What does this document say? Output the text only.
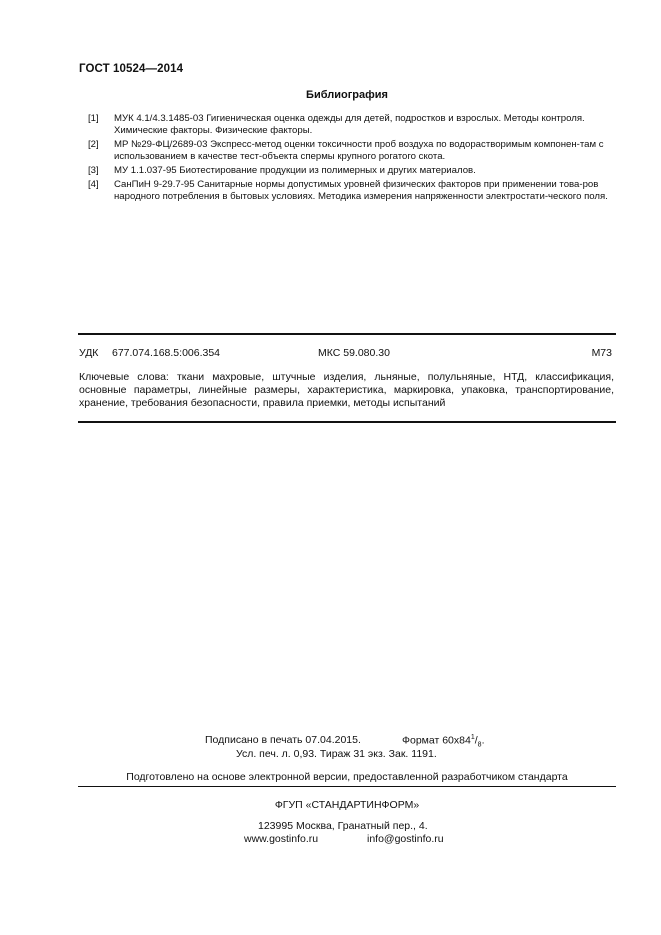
ГОСТ 10524—2014
Библиография
[1] МУК 4.1/4.3.1485-03 Гигиеническая оценка одежды для детей, подростков и взрослых. Методы контроля. Химические факторы. Физические факторы.
[2] МР №29-ФЦ/2689-03 Экспресс-метод оценки токсичности проб воздуха по водорастворимым компонен-там с использованием в качестве тест-объекта спермы крупного рогатого скота.
[3] МУ 1.1.037-95 Биотестирование продукции из полимерных и других материалов.
[4] СанПиН 9-29.7-95 Санитарные нормы допустимых уровней физических факторов при применении това-ров народного потребления в бытовых условиях. Методика измерения напряженности электростати-ческого поля.
УДК 677.074.168.5:006.354	МКС 59.080.30	М73
Ключевые слова: ткани махровые, штучные изделия, льняные, полульняные, НТД, классификация, основные параметры, линейные размеры, характеристика, маркировка, упаковка, транспортирование, хранение, требования безопасности, правила приемки, методы испытаний
Подписано в печать 07.04.2015.	Формат $60x84^1/_8$.
Усл. печ. л. 0,93. Тираж 31 экз. Зак. 1191.
Подготовлено на основе электронной версии, предоставленной разработчиком стандарта
ФГУП «СТАНДАРТИНФОРМ»
123995 Москва, Гранатный пер., 4.
www.gostinfo.ru	info@gostinfo.ru
